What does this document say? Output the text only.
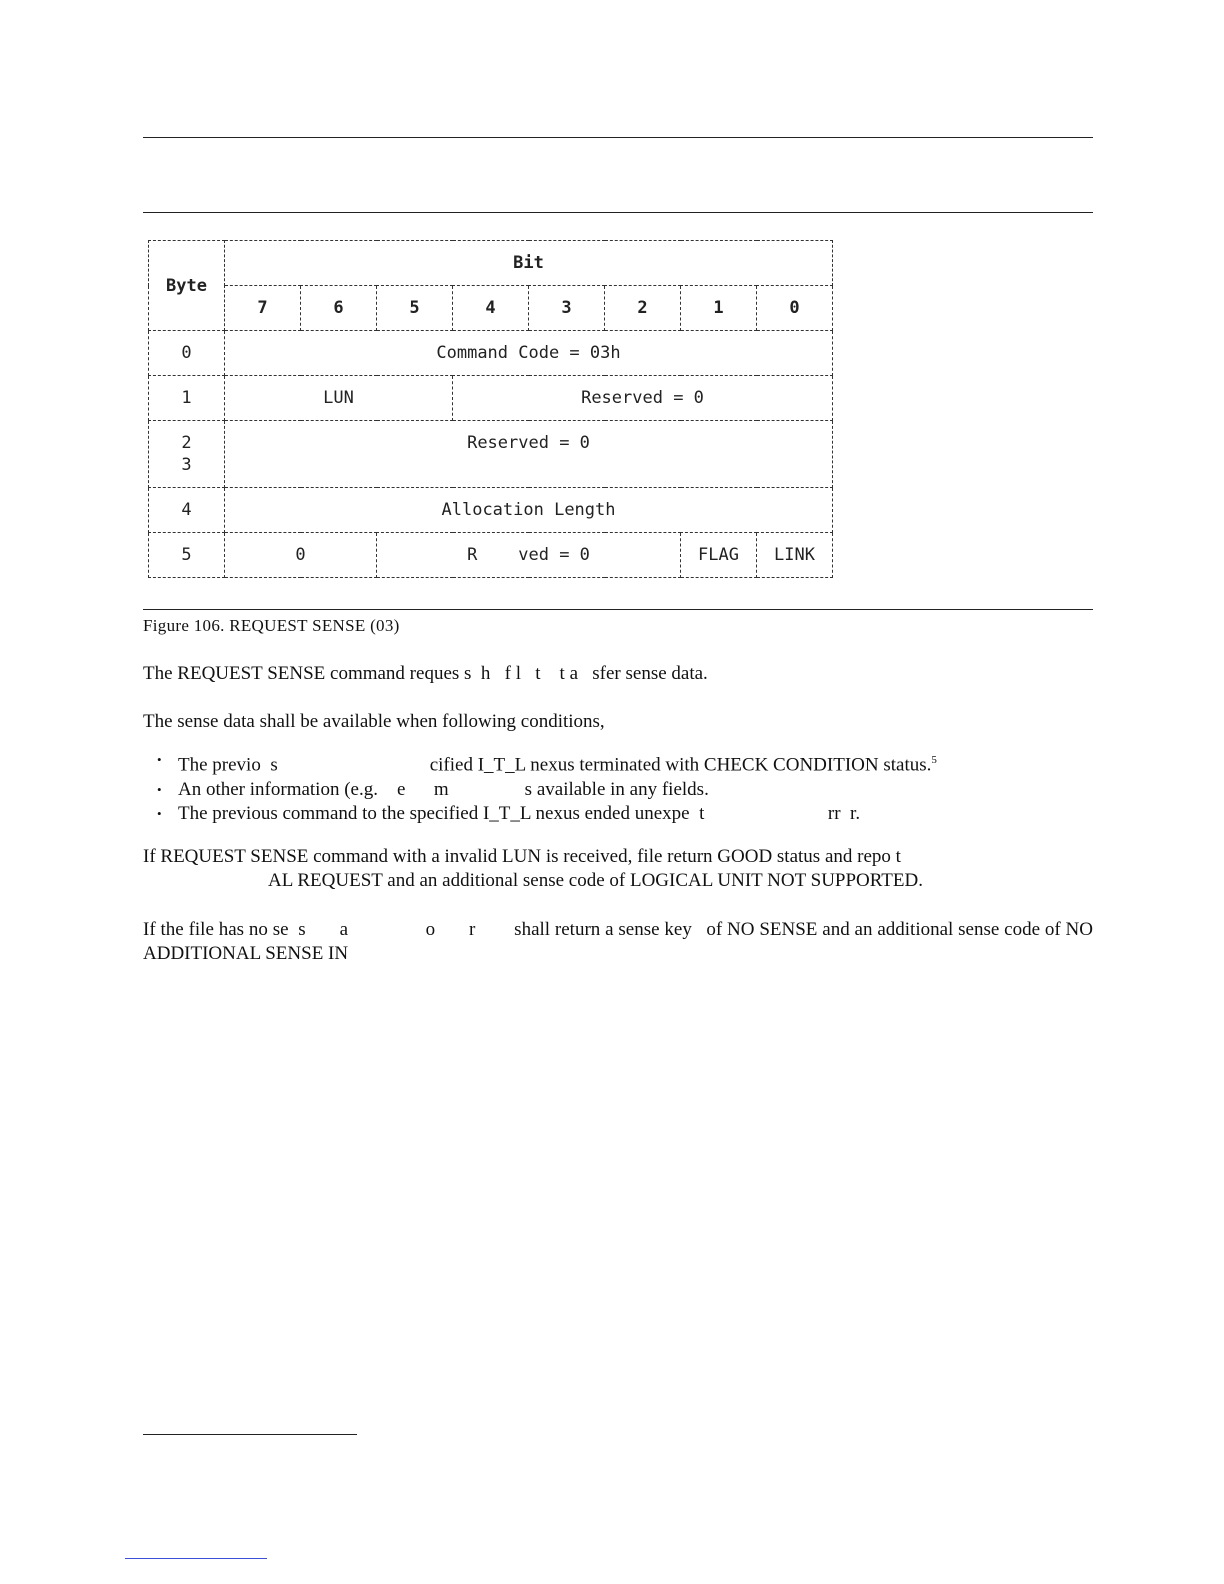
Byte	Bit							
	7	6	5	4	3	2	1	0
0	Command Code = 03h							
1	LUN			Reserved = 0				
2
3	Reserved = 0							
4	Allocation Length							
5	0		R    ved = 0				FLAG	LINK
Figure 106. REQUEST SENSE (03)
The REQUEST SENSE command reques s  h   f l   t    t a   sfer sense data.
The sense data shall be available when following conditions,
• The previo  s                                cified I_T_L nexus terminated with CHECK CONDITION status.$^5$
• An other information (e.g.    e      m                s available in any fields.
• The previous command to the specified I_T_L nexus ended unexpe  t                          rr  r.
If REQUEST SENSE command with a invalid LUN is received, file return GOOD status and repo t
AL REQUEST and an additional sense code of LOGICAL UNIT NOT SUPPORTED.
If the file has no se  s       a                o       r        shall return a sense key   of NO SENSE and an additional sense code of NO ADDITIONAL SENSE IN
